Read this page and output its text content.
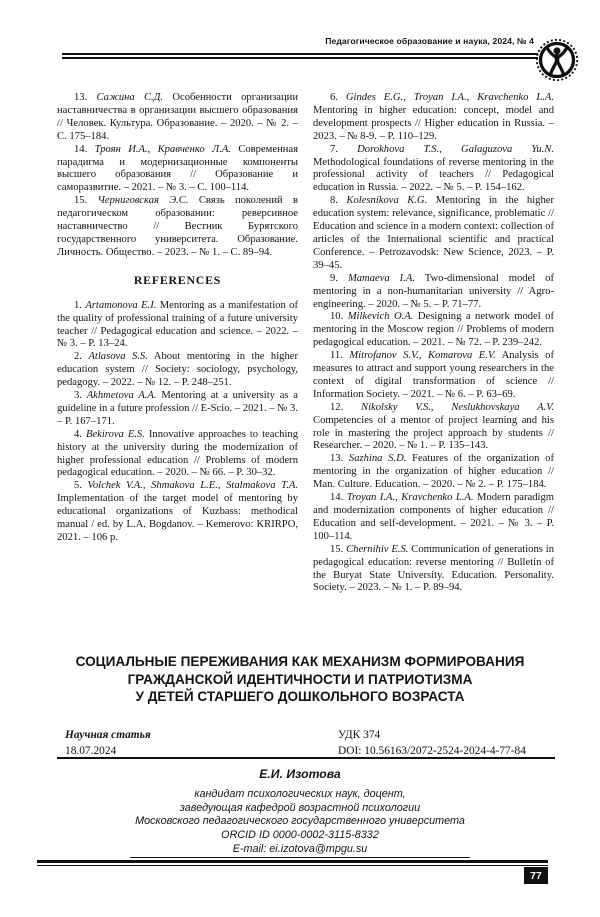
Педагогическое образование и наука, 2024, № 4

13. Сажина С.Д. Особенности организации наставничества в организации высшего образования // Человек. Культура. Образование. – 2020. – № 2. – С. 175–184.

14. Троян И.А., Кравченко Л.А. Современная парадигма и модернизационные компоненты высшего образования // Образование и саморазвитие. – 2021. – № 3. – С. 100–114.

15. Черниговская Э.С. Связь поколений в педагогическом образовании: реверсивное наставничество // Вестник Бурятского государственного университета. Образование. Личность. Общество. – 2023. – № 1. – С. 89–94.

REFERENCES

1. Artamonova E.I. Mentoring as a manifestation of the quality of professional training of a future university teacher // Pedagogical education and science. – 2022. – № 3. – P. 13–24.

2. Atlasova S.S. About mentoring in the higher education system // Society: sociology, psychology, pedagogy. – 2022. – № 12. – P. 248–251.

3. Akhmetova A.A. Mentoring at a university as a guideline in a future profession // E-Scio. – 2021. – № 3. – P. 167–171.

4. Bekirova E.S. Innovative approaches to teaching history at the university during the modernization of higher professional education // Problems of modern pedagogical education. – 2020. – № 66. – P. 30–32.

5. Volchek V.A., Shmakova L.E., Stalmakova T.A. Implementation of the target model of mentoring by educational organizations of Kuzbass: methodical manual / ed. by L.A. Bogdanov. – Kemerovo: KRIRPO, 2021. – 106 p.

6. Gindes E.G., Troyan I.A., Kravchenko L.A. Mentoring in higher education: concept, model and development prospects // Higher education in Russia. – 2023. – № 8-9. – P. 110–129.

7. Dorokhova T.S., Galaguzova Yu.N. Methodological foundations of reverse mentoring in the professional activity of teachers // Pedagogical education in Russia. – 2022. – № 5. – P. 154–162.

8. Kolesnikova K.G. Mentoring in the higher education system: relevance, significance, problematic // Education and science in a modern context: collection of articles of the International scientific and practical Conference. – Petrozavodsk: New Science, 2023. – P. 39–45.

9. Mamaeva I.A. Two-dimensional model of mentoring in a non-humanitarian university // Agro-engineering. – 2020. – № 5. – P. 71–77.

10. Milkevich O.A. Designing a network model of mentoring in the Moscow region // Problems of modern pedagogical education. – 2021. – № 72. – P. 239–242.

11. Mitrofanov S.V., Komarova E.V. Analysis of measures to attract and support young researchers in the context of digital transformation of science // Information Society. – 2021. – № 6. – P. 63–69.

12. Nikolsky V.S., Neslukhovskaya A.V. Competencies of a mentor of project learning and his role in mastering the project approach by students // Researcher. – 2020. – № 1. – P. 135–143.

13. Sazhina S.D. Features of the organization of mentoring in the organization of higher education // Man. Culture. Education. – 2020. – № 2. – P. 175–184.

14. Troyan I.A., Kravchenko L.A. Modern paradigm and modernization components of higher education // Education and self-development. – 2021. – № 3. – P. 100–114.

15. Chernihiv E.S. Communication of generations in pedagogical education: reverse mentoring // Bulletin of the Buryat State University. Education. Personality. Society. – 2023. – № 1. – P. 89–94.

СОЦИАЛЬНЫЕ ПЕРЕЖИВАНИЯ КАК МЕХАНИЗМ ФОРМИРОВАНИЯ
ГРАЖДАНСКОЙ ИДЕНТИЧНОСТИ И ПАТРИОТИЗМА
У ДЕТЕЙ СТАРШЕГО ДОШКОЛЬНОГО ВОЗРАСТА
Научная статья
18.07.2024
УДК 374
DOI: 10.56163/2072-2524-2024-4-77-84
Е.И. Изотова
кандидат психологических наук, доцент,
заведующая кафедрой возрастной психологии
Московского педагогического государственного университета
ORCID ID 0000-0002-3115-8332
E-mail: ei.izotova@mpgu.su
77
